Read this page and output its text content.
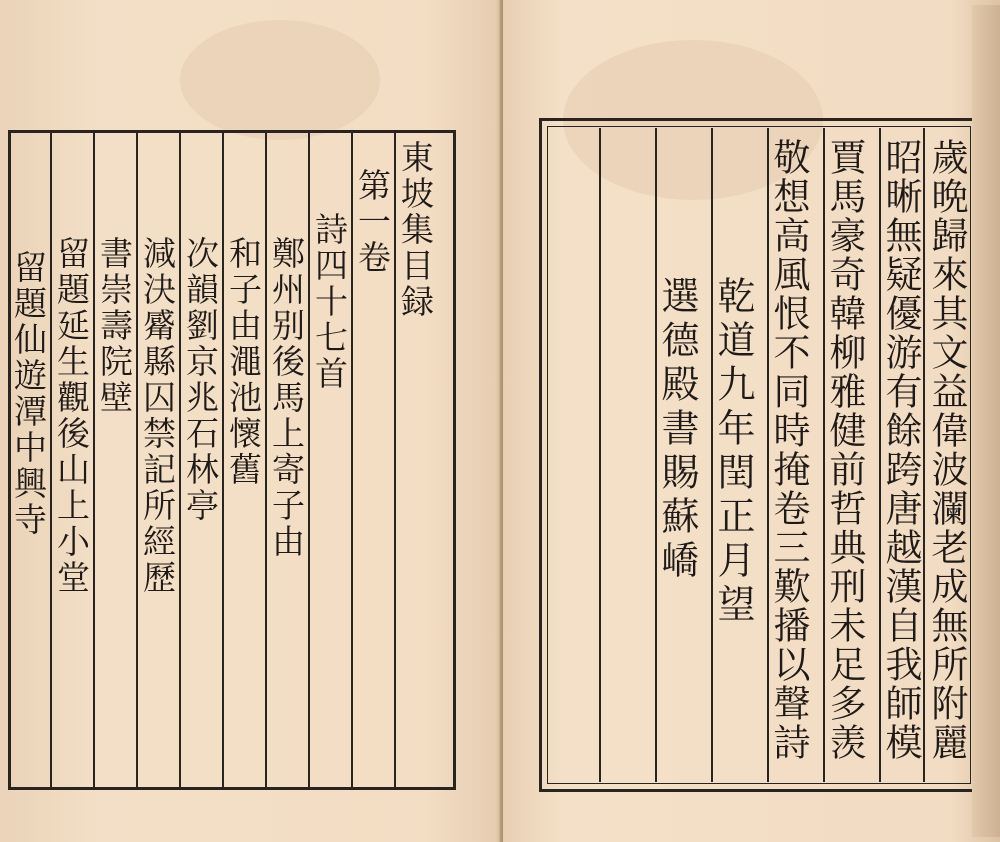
東坡集目録
第一卷
詩四十七首
鄭州别後馬上寄子由
和子由澠池懷舊
次韻劉京兆石林亭
減決觱縣囚禁記所經歷
書崇壽院壁
留題延生觀後山上小堂
留題仙遊潭中興寺	歲晩歸來其文益偉波瀾老成無所附麗
昭晰無疑優游有餘跨唐越漢自我師模
賈馬豪奇韓柳雅健前哲典刑未足多羡
敬想高風恨不同時掩卷三歎播以聲詩
乾道九年閏正月望
選德殿書賜蘇嶠
